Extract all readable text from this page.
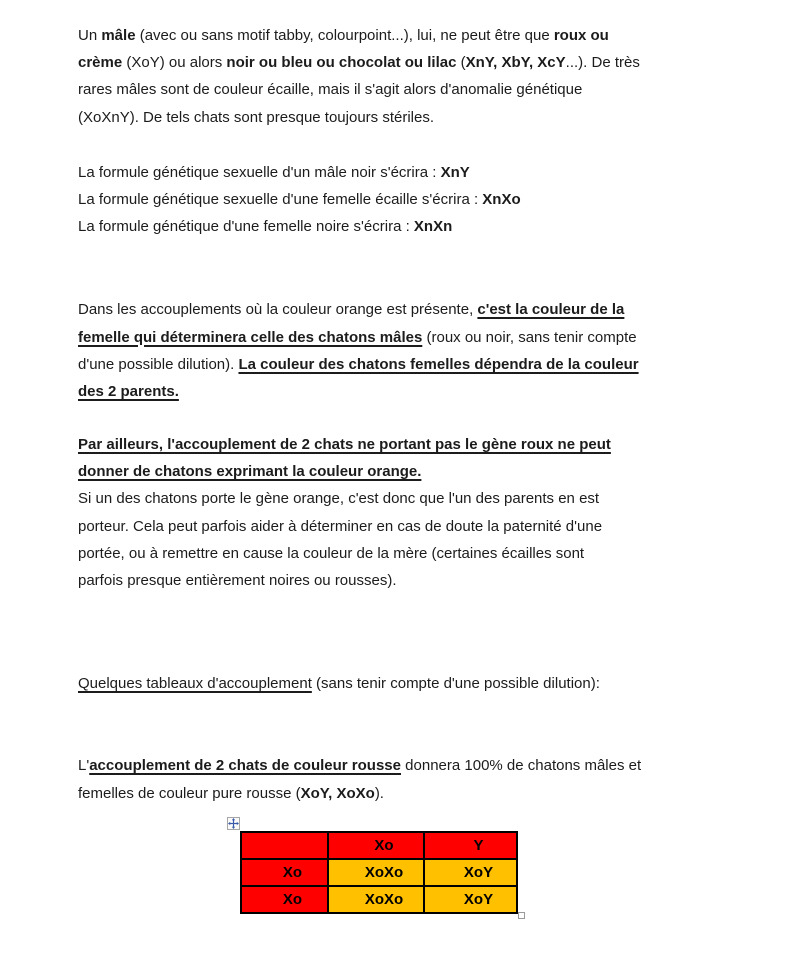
Un mâle (avec ou sans motif tabby, colourpoint...), lui, ne peut être que roux ou
crème (XoY) ou alors noir ou bleu ou chocolat ou lilac (XnY, XbY, XcY...). De très
rares mâles sont de couleur écaille, mais il s'agit alors d'anomalie génétique
(XoXnY). De tels chats sont presque toujours stériles.
La formule génétique sexuelle d'un mâle noir s'écrira : XnY
La formule génétique sexuelle d'une femelle écaille s'écrira : XnXo
La formule génétique d'une femelle noire s'écrira : XnXn
Dans les accouplements où la couleur orange est présente, c'est la couleur de la
femelle qui déterminera celle des chatons mâles (roux ou noir, sans tenir compte
d'une possible dilution). La couleur des chatons femelles dépendra de la couleur
des 2 parents.
Par ailleurs, l'accouplement de 2 chats ne portant pas le gène roux ne peut
donner de chatons exprimant la couleur orange.
Si un des chatons porte le gène orange, c'est donc que l'un des parents en est
porteur. Cela peut parfois aider à déterminer en cas de doute la paternité d'une
portée, ou à remettre en cause la couleur de la mère (certaines écailles sont
parfois presque entièrement noires ou rousses).
Quelques tableaux d'accouplement (sans tenir compte d'une possible dilution):
L'accouplement de 2 chats de couleur rousse donnera 100% de chatons mâles et
femelles de couleur pure rousse (XoY, XoXo).
	Xo	Y
Xo	XoXo	XoY
Xo	XoXo	XoY
